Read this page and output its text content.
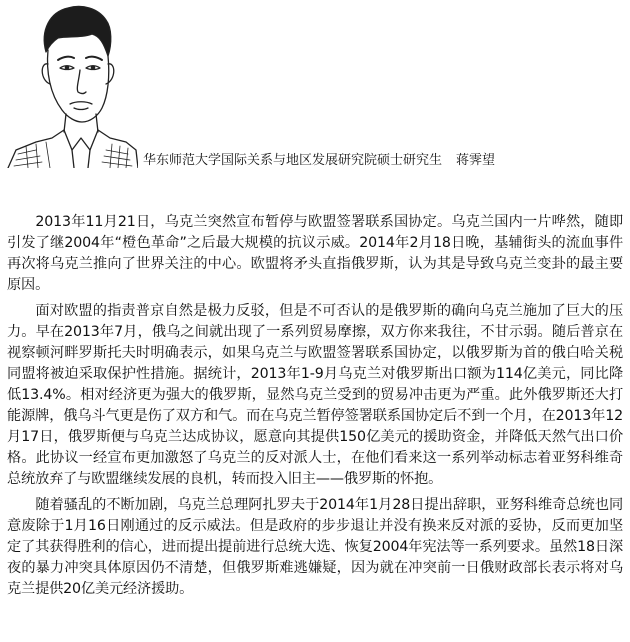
华东师范大学国际关系与地区发展研究院硕士研究生 蒋霁望

2013年11月21日，乌克兰突然宣布暂停与欧盟签署联系国协定。乌克兰国内一片哗然，随即引发了继2004年“橙色革命”之后最大规模的抗议示威。2014年2月18日晚，基辅街头的流血事件再次将乌克兰推向了世界关注的中心。欧盟将矛头直指俄罗斯，认为其是导致乌克兰变卦的最主要原因。

面对欧盟的指责普京自然是极力反驳，但是不可否认的是俄罗斯的确向乌克兰施加了巨大的压力。早在2013年7月，俄乌之间就出现了一系列贸易摩擦，双方你来我往，不甘示弱。随后普京在视察顿河畔罗斯托夫时明确表示，如果乌克兰与欧盟签署联系国协定，以俄罗斯为首的俄白哈关税同盟将被迫采取保护性措施。据统计，2013年1-9月乌克兰对俄罗斯出口额为114亿美元，同比降低13.4%。相对经济更为强大的俄罗斯，显然乌克兰受到的贸易冲击更为严重。此外俄罗斯还大打能源牌，俄乌斗气更是伤了双方和气。而在乌克兰暂停签署联系国协定后不到一个月，在2013年12月17日，俄罗斯便与乌克兰达成协议，愿意向其提供150亿美元的援助资金，并降低天然气出口价格。此协议一经宣布更加激怒了乌克兰的反对派人士，在他们看来这一系列举动标志着亚努科维奇总统放弃了与欧盟继续发展的良机，转而投入旧主——俄罗斯的怀抱。

随着骚乱的不断加剧，乌克兰总理阿扎罗夫于2014年1月28日提出辞职，亚努科维奇总统也同意废除于1月16日刚通过的反示威法。但是政府的步步退让并没有换来反对派的妥协，反而更加坚定了其获得胜利的信心，进而提出提前进行总统大选、恢复2004年宪法等一系列要求。虽然18日深夜的暴力冲突具体原因仍不清楚，但俄罗斯难逃嫌疑，因为就在冲突前一日俄财政部长表示将对乌克兰提供20亿美元经济援助。
